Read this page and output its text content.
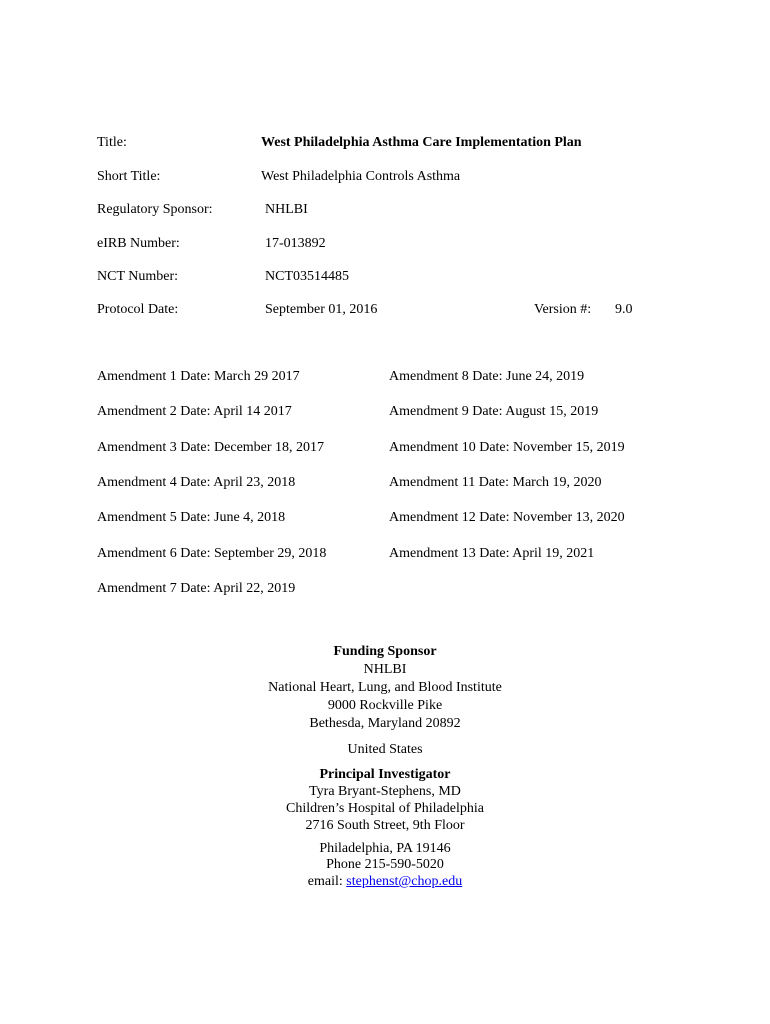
Title:	West Philadelphia Asthma Care Implementation Plan
Short Title:	West Philadelphia Controls Asthma
Regulatory Sponsor:	NHLBI
eIRB Number:	17-013892
NCT Number:	NCT03514485
Protocol Date:	September 01, 2016	Version #: 9.0
Amendment 1 Date: March 29 2017
Amendment 2 Date: April 14 2017
Amendment 3 Date: December 18, 2017
Amendment 4 Date: April 23, 2018
Amendment 5 Date: June 4, 2018
Amendment 6 Date: September 29, 2018
Amendment 7 Date: April 22, 2019
Amendment 8 Date: June 24, 2019
Amendment 9 Date: August 15, 2019
Amendment 10 Date: November 15, 2019
Amendment 11 Date: March 19, 2020
Amendment 12 Date: November 13, 2020
Amendment 13 Date: April 19, 2021
Funding Sponsor
NHLBI
National Heart, Lung, and Blood Institute
9000 Rockville Pike
Bethesda, Maryland 20892
United States
Principal Investigator
Tyra Bryant-Stephens, MD
Children’s Hospital of Philadelphia
2716 South Street, 9th Floor
Philadelphia, PA 19146
Phone 215-590-5020
email: stephenst@chop.edu
